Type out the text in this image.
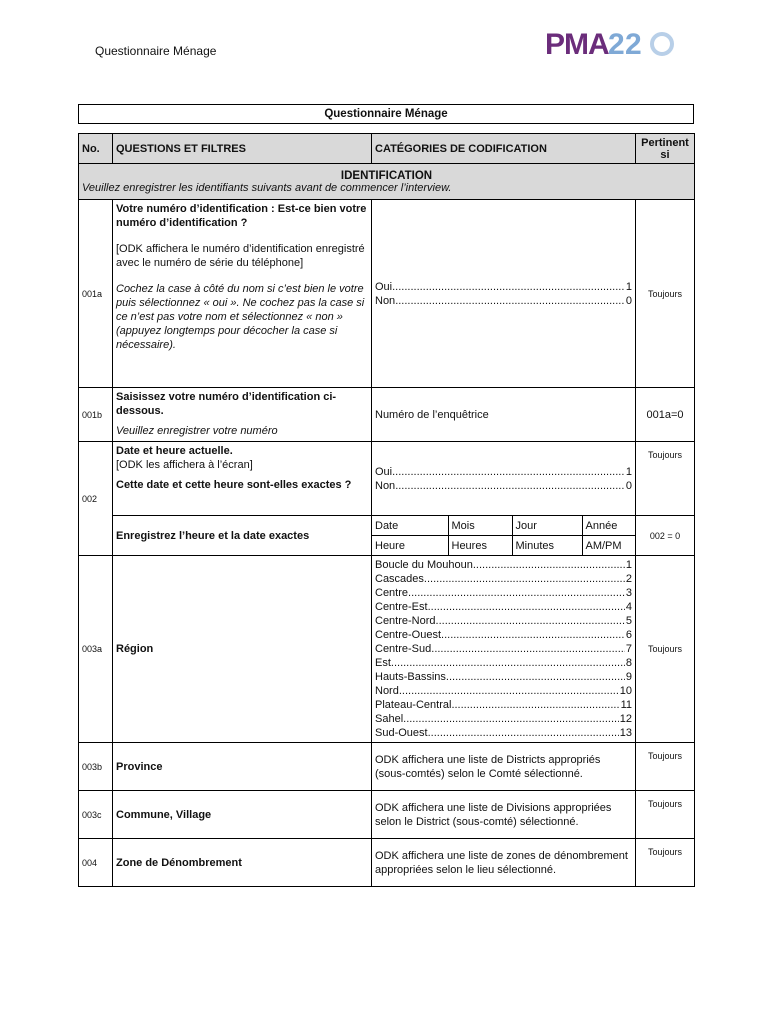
Questionnaire Ménage	PMA 2 2
Questionnaire Ménage
No.	QUESTIONS ET FILTRES	CATÉGORIES DE CODIFICATION	Pertinent si

IDENTIFICATION
Veuillez enregistrer les identifiants suivants avant de commencer l’interview.

001a	
Votre numéro d’identification : Est-ce bien votre numéro d’identification ?
[ODK affichera le numéro d’identification enregistré avec le numéro de série du téléphone]
Cochez la case à côté du nom si c’est bien le votre puis sélectionnez « oui ». Ne cochez pas la case si ce n’est pas votre nom et sélectionnez « non » (appuyez longtemps pour décocher la case si nécessaire).

Oui .....	1
Non .....	0
	Toujours
001b	
Saisissez votre numéro d’identification ci-dessous.
Veuillez enregistrer votre numéro
	Numéro de l’enquêtrice	001a=0
002	
Date et heure actuelle.
[ODK les affichera à l’écran]
Cette date et cette heure sont-elles exactes ?

Oui .....	1
Non .....	0
	Toujours
Enregistrez l’heure et la date exactes	
Date	Mois	Jour	Année
Heure	Heures	Minutes	AM/PM
	002 = 0
003a	Région	
Boucle du Mouhoun .....	1
Cascades .....	2
Centre .....	3
Centre-Est .....	4
Centre-Nord .....	5
Centre-Ouest .....	6
Centre-Sud .....	7
Est .....	8
Hauts-Bassins .....	9
Nord .....	10
Plateau-Central .....	11
Sahel .....	12
Sud-Ouest .....	13
	Toujours
003b	Province	ODK affichera une liste de Districts appropriés (sous-comtés) selon le Comté sélectionné.	Toujours
003c	Commune, Village	ODK affichera une liste de Divisions appropriées selon le District (sous-comté) sélectionné.	Toujours
004	Zone de Dénombrement	ODK affichera une liste de zones de dénombrement appropriées selon le lieu sélectionné.	Toujours
